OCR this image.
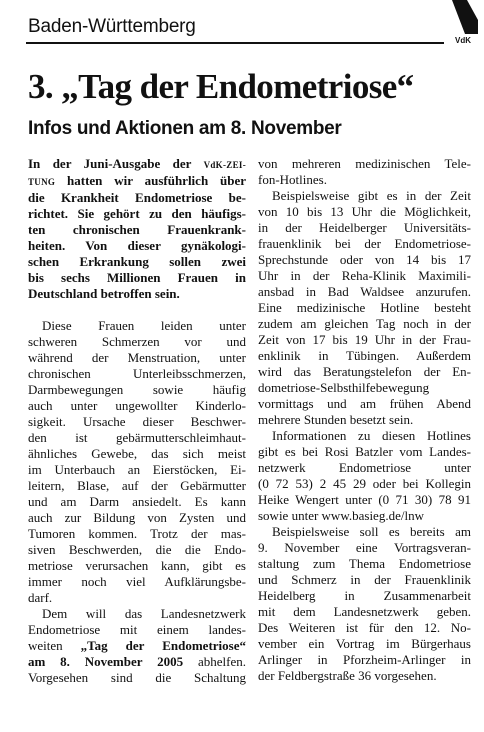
Baden-Württemberg
VdK
3. „Tag der Endometriose“
Infos und Aktionen am 8. November
In der Juni-Ausgabe der VdK-ZEI-
TUNG hatten wir ausführlich über
die Krankheit Endometriose be-
richtet. Sie gehört zu den häufigs-
ten chronischen Frauenkrank-
heiten. Von dieser gynäkologi-
schen Erkrankung sollen zwei
bis sechs Millionen Frauen in
Deutschland betroffen sein.
Diese Frauen leiden unter
schweren Schmerzen vor und
während der Menstruation, unter
chronischen Unterleibsschmerzen,
Darmbewegungen sowie häufig
auch unter ungewollter Kinderlo-
sigkeit. Ursache dieser Beschwer-
den ist gebärmutterschleimhaut-
ähnliches Gewebe, das sich meist
im Unterbauch an Eierstöcken, Ei-
leitern, Blase, auf der Gebärmutter
und am Darm ansiedelt. Es kann
auch zur Bildung von Zysten und
Tumoren kommen. Trotz der mas-
siven Beschwerden, die die Endo-
metriose verursachen kann, gibt es
immer noch viel Aufklärungsbe-
darf.
Dem will das Landesnetzwerk
Endometriose mit einem landes-
weiten „Tag der Endometriose“
am 8. November 2005 abhelfen.
Vorgesehen sind die Schaltung
von mehreren medizinischen Tele-
fon-Hotlines.
Beispielsweise gibt es in der Zeit
von 10 bis 13 Uhr die Möglichkeit,
in der Heidelberger Universitäts-
frauenklinik bei der Endometriose-
Sprechstunde oder von 14 bis 17
Uhr in der Reha-Klinik Maximili-
ansbad in Bad Waldsee anzurufen.
Eine medizinische Hotline besteht
zudem am gleichen Tag noch in der
Zeit von 17 bis 19 Uhr in der Frau-
enklinik in Tübingen. Außerdem
wird das Beratungstelefon der En-
dometriose-Selbsthilfebewegung
vormittags und am frühen Abend
mehrere Stunden besetzt sein.
Informationen zu diesen Hotlines
gibt es bei Rosi Batzler vom Landes-
netzwerk Endometriose unter
(0 72 53) 2 45 29 oder bei Kollegin
Heike Wengert unter (0 71 30) 78 91
sowie unter www.basieg.de/lnw
Beispielsweise soll es bereits am
9. November eine Vortragsveran-
staltung zum Thema Endometriose
und Schmerz in der Frauenklinik
Heidelberg in Zusammenarbeit
mit dem Landesnetzwerk geben.
Des Weiteren ist für den 12. No-
vember ein Vortrag im Bürgerhaus
Arlinger in Pforzheim-Arlinger in
der Feldbergstraße 36 vorgesehen.
